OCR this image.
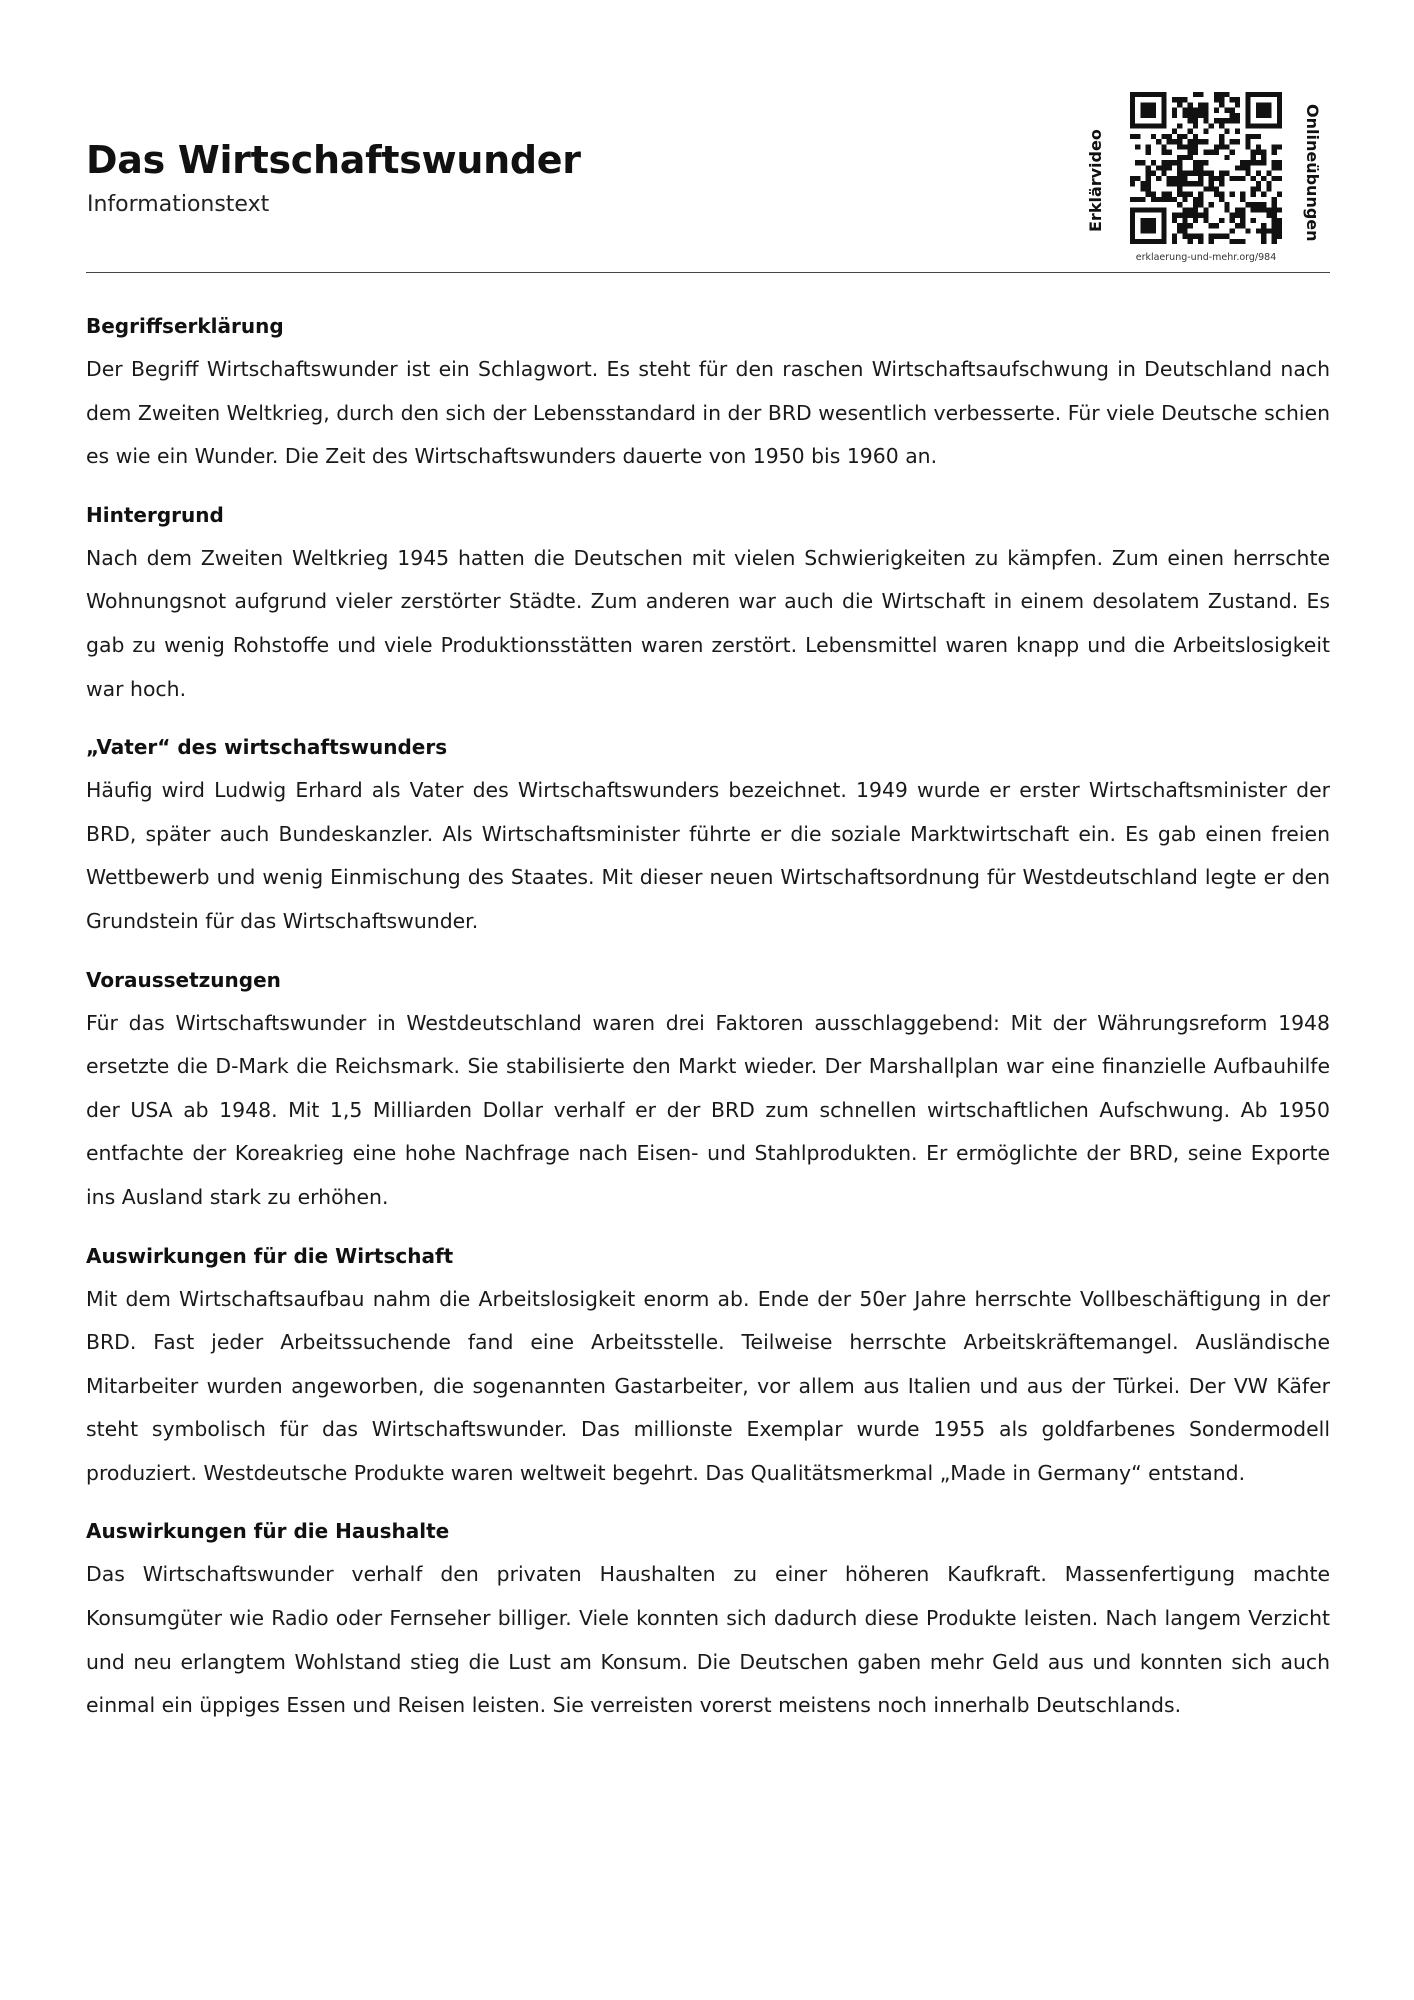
Das Wirtschaftswunder
Informationstext	Erklärvideo	Onlineübungen
erklaerung-und-mehr.org/984
Begriffserklärung

Der Begriff Wirtschaftswunder ist ein Schlagwort. Es steht für den raschen Wirtschaftsaufschwung in Deutschland nach dem Zweiten Weltkrieg, durch den sich der Lebensstandard in der BRD wesentlich verbesserte. Für viele Deutsche schien es wie ein Wunder. Die Zeit des Wirtschaftswunders dauerte von 1950 bis 1960 an.

Hintergrund

Nach dem Zweiten Weltkrieg 1945 hatten die Deutschen mit vielen Schwierigkeiten zu kämpfen. Zum einen herrschte Wohnungsnot aufgrund vieler zerstörter Städte. Zum anderen war auch die Wirtschaft in einem desolatem Zustand. Es gab zu wenig Rohstoffe und viele Produktionsstätten waren zerstört. Lebensmittel waren knapp und die Arbeitslosigkeit war hoch.

„Vater“ des wirtschaftswunders

Häufig wird Ludwig Erhard als Vater des Wirtschaftswunders bezeichnet. 1949 wurde er erster Wirtschaftsminister der BRD, später auch Bundeskanzler. Als Wirtschaftsminister führte er die soziale Marktwirtschaft ein. Es gab einen freien Wettbewerb und wenig Einmischung des Staates. Mit dieser neuen Wirtschaftsordnung für Westdeutschland legte er den Grundstein für das Wirtschaftswunder.

Voraussetzungen

Für das Wirtschaftswunder in Westdeutschland waren drei Faktoren ausschlaggebend: Mit der Währungsreform 1948 ersetzte die D-Mark die Reichsmark. Sie stabilisierte den Markt wieder. Der Marshallplan war eine finanzielle Aufbauhilfe der USA ab 1948. Mit 1,5 Milliarden Dollar verhalf er der BRD zum schnellen wirtschaftlichen Aufschwung. Ab 1950 entfachte der Koreakrieg eine hohe Nachfrage nach Eisen- und Stahlprodukten. Er ermöglichte der BRD, seine Exporte ins Ausland stark zu erhöhen.

Auswirkungen für die Wirtschaft

Mit dem Wirtschaftsaufbau nahm die Arbeitslosigkeit enorm ab. Ende der 50er Jahre herrschte Vollbeschäftigung in der BRD. Fast jeder Arbeitssuchende fand eine Arbeitsstelle. Teilweise herrschte Arbeitskräftemangel. Ausländische Mitarbeiter wurden angeworben, die sogenannten Gastarbeiter, vor allem aus Italien und aus der Türkei. Der VW Käfer steht symbolisch für das Wirtschaftswunder. Das millionste Exemplar wurde 1955 als goldfarbenes Sondermodell produziert. Westdeutsche Produkte waren weltweit begehrt. Das Qualitätsmerkmal „Made in Germany“ entstand.

Auswirkungen für die Haushalte

Das Wirtschaftswunder verhalf den privaten Haushalten zu einer höheren Kaufkraft. Massenfertigung machte Konsumgüter wie Radio oder Fernseher billiger. Viele konnten sich dadurch diese Produkte leisten. Nach langem Verzicht und neu erlangtem Wohlstand stieg die Lust am Konsum. Die Deutschen gaben mehr Geld aus und konnten sich auch einmal ein üppiges Essen und Reisen leisten. Sie verreisten vorerst meistens noch innerhalb Deutschlands.
